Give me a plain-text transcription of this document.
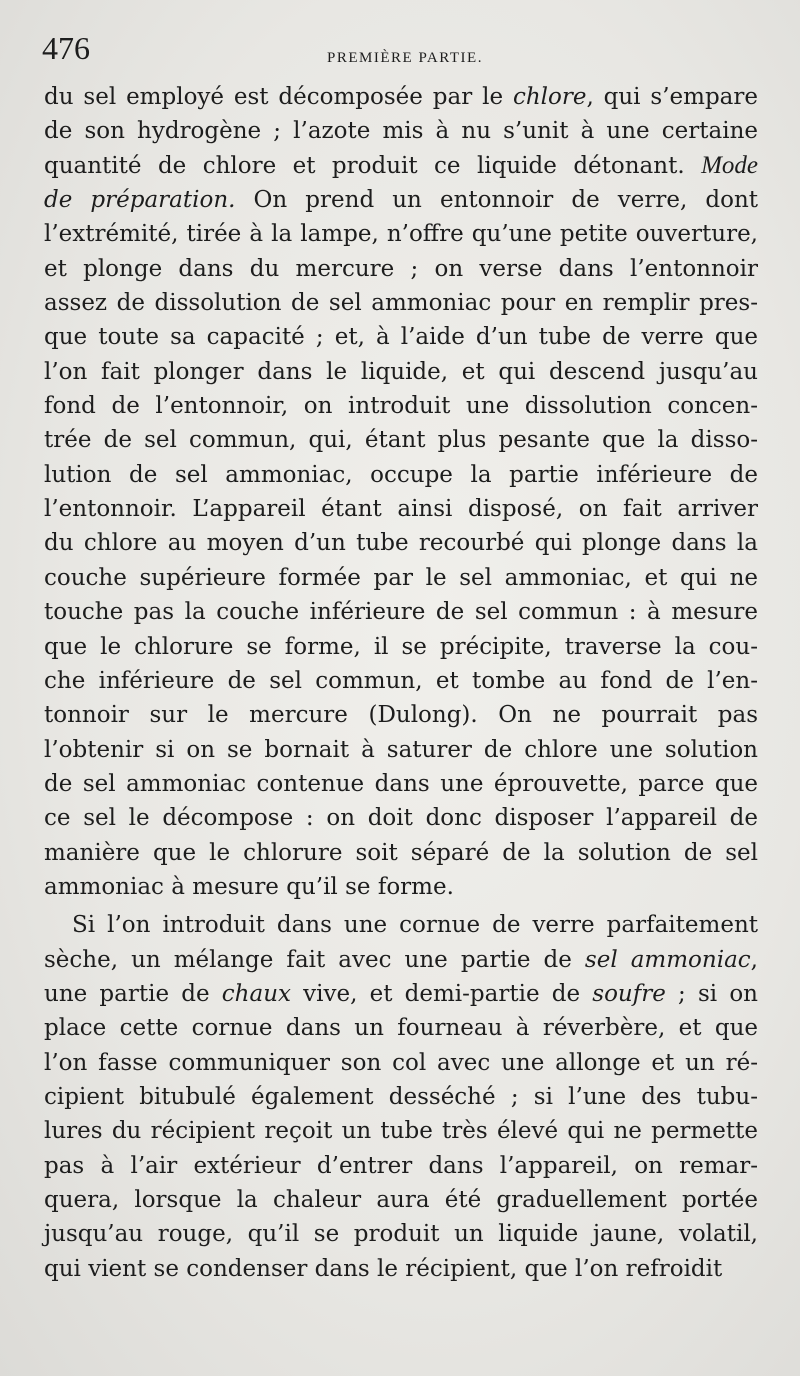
476	PREMIÈRE PARTIE.
du sel employé est décomposée par le chlore, qui s’empare
de son hydrogène ; l’azote mis à nu s’unit à une certaine
quantité de chlore et produit ce liquide détonant. Mode
de préparation. On prend un entonnoir de verre, dont
l’extrémité, tirée à la lampe, n’offre qu’une petite ouverture,
et plonge dans du mercure ; on verse dans l’entonnoir
assez de dissolution de sel ammoniac pour en remplir pres-
que toute sa capacité ; et, à l’aide d’un tube de verre que
l’on fait plonger dans le liquide, et qui descend jusqu’au
fond de l’entonnoir, on introduit une dissolution concen-
trée de sel commun, qui, étant plus pesante que la disso-
lution de sel ammoniac, occupe la partie inférieure de
l’entonnoir. L’appareil étant ainsi disposé, on fait arriver
du chlore au moyen d’un tube recourbé qui plonge dans la
couche supérieure formée par le sel ammoniac, et qui ne
touche pas la couche inférieure de sel commun : à mesure
que le chlorure se forme, il se précipite, traverse la cou-
che inférieure de sel commun, et tombe au fond de l’en-
tonnoir sur le mercure (Dulong). On ne pourrait pas
l’obtenir si on se bornait à saturer de chlore une solution
de sel ammoniac contenue dans une éprouvette, parce que
ce sel le décompose : on doit donc disposer l’appareil de
manière que le chlorure soit séparé de la solution de sel
ammoniac à mesure qu’il se forme.
Si l’on introduit dans une cornue de verre parfaitement
sèche, un mélange fait avec une partie de sel ammoniac,
une partie de chaux vive, et demi-partie de soufre ; si on
place cette cornue dans un fourneau à réverbère, et que
l’on fasse communiquer son col avec une allonge et un ré-
cipient bitubulé également desséché ; si l’une des tubu-
lures du récipient reçoit un tube très élevé qui ne permette
pas à l’air extérieur d’entrer dans l’appareil, on remar-
quera, lorsque la chaleur aura été graduellement portée
jusqu’au rouge, qu’il se produit un liquide jaune, volatil,
qui vient se condenser dans le récipient, que l’on refroidit
